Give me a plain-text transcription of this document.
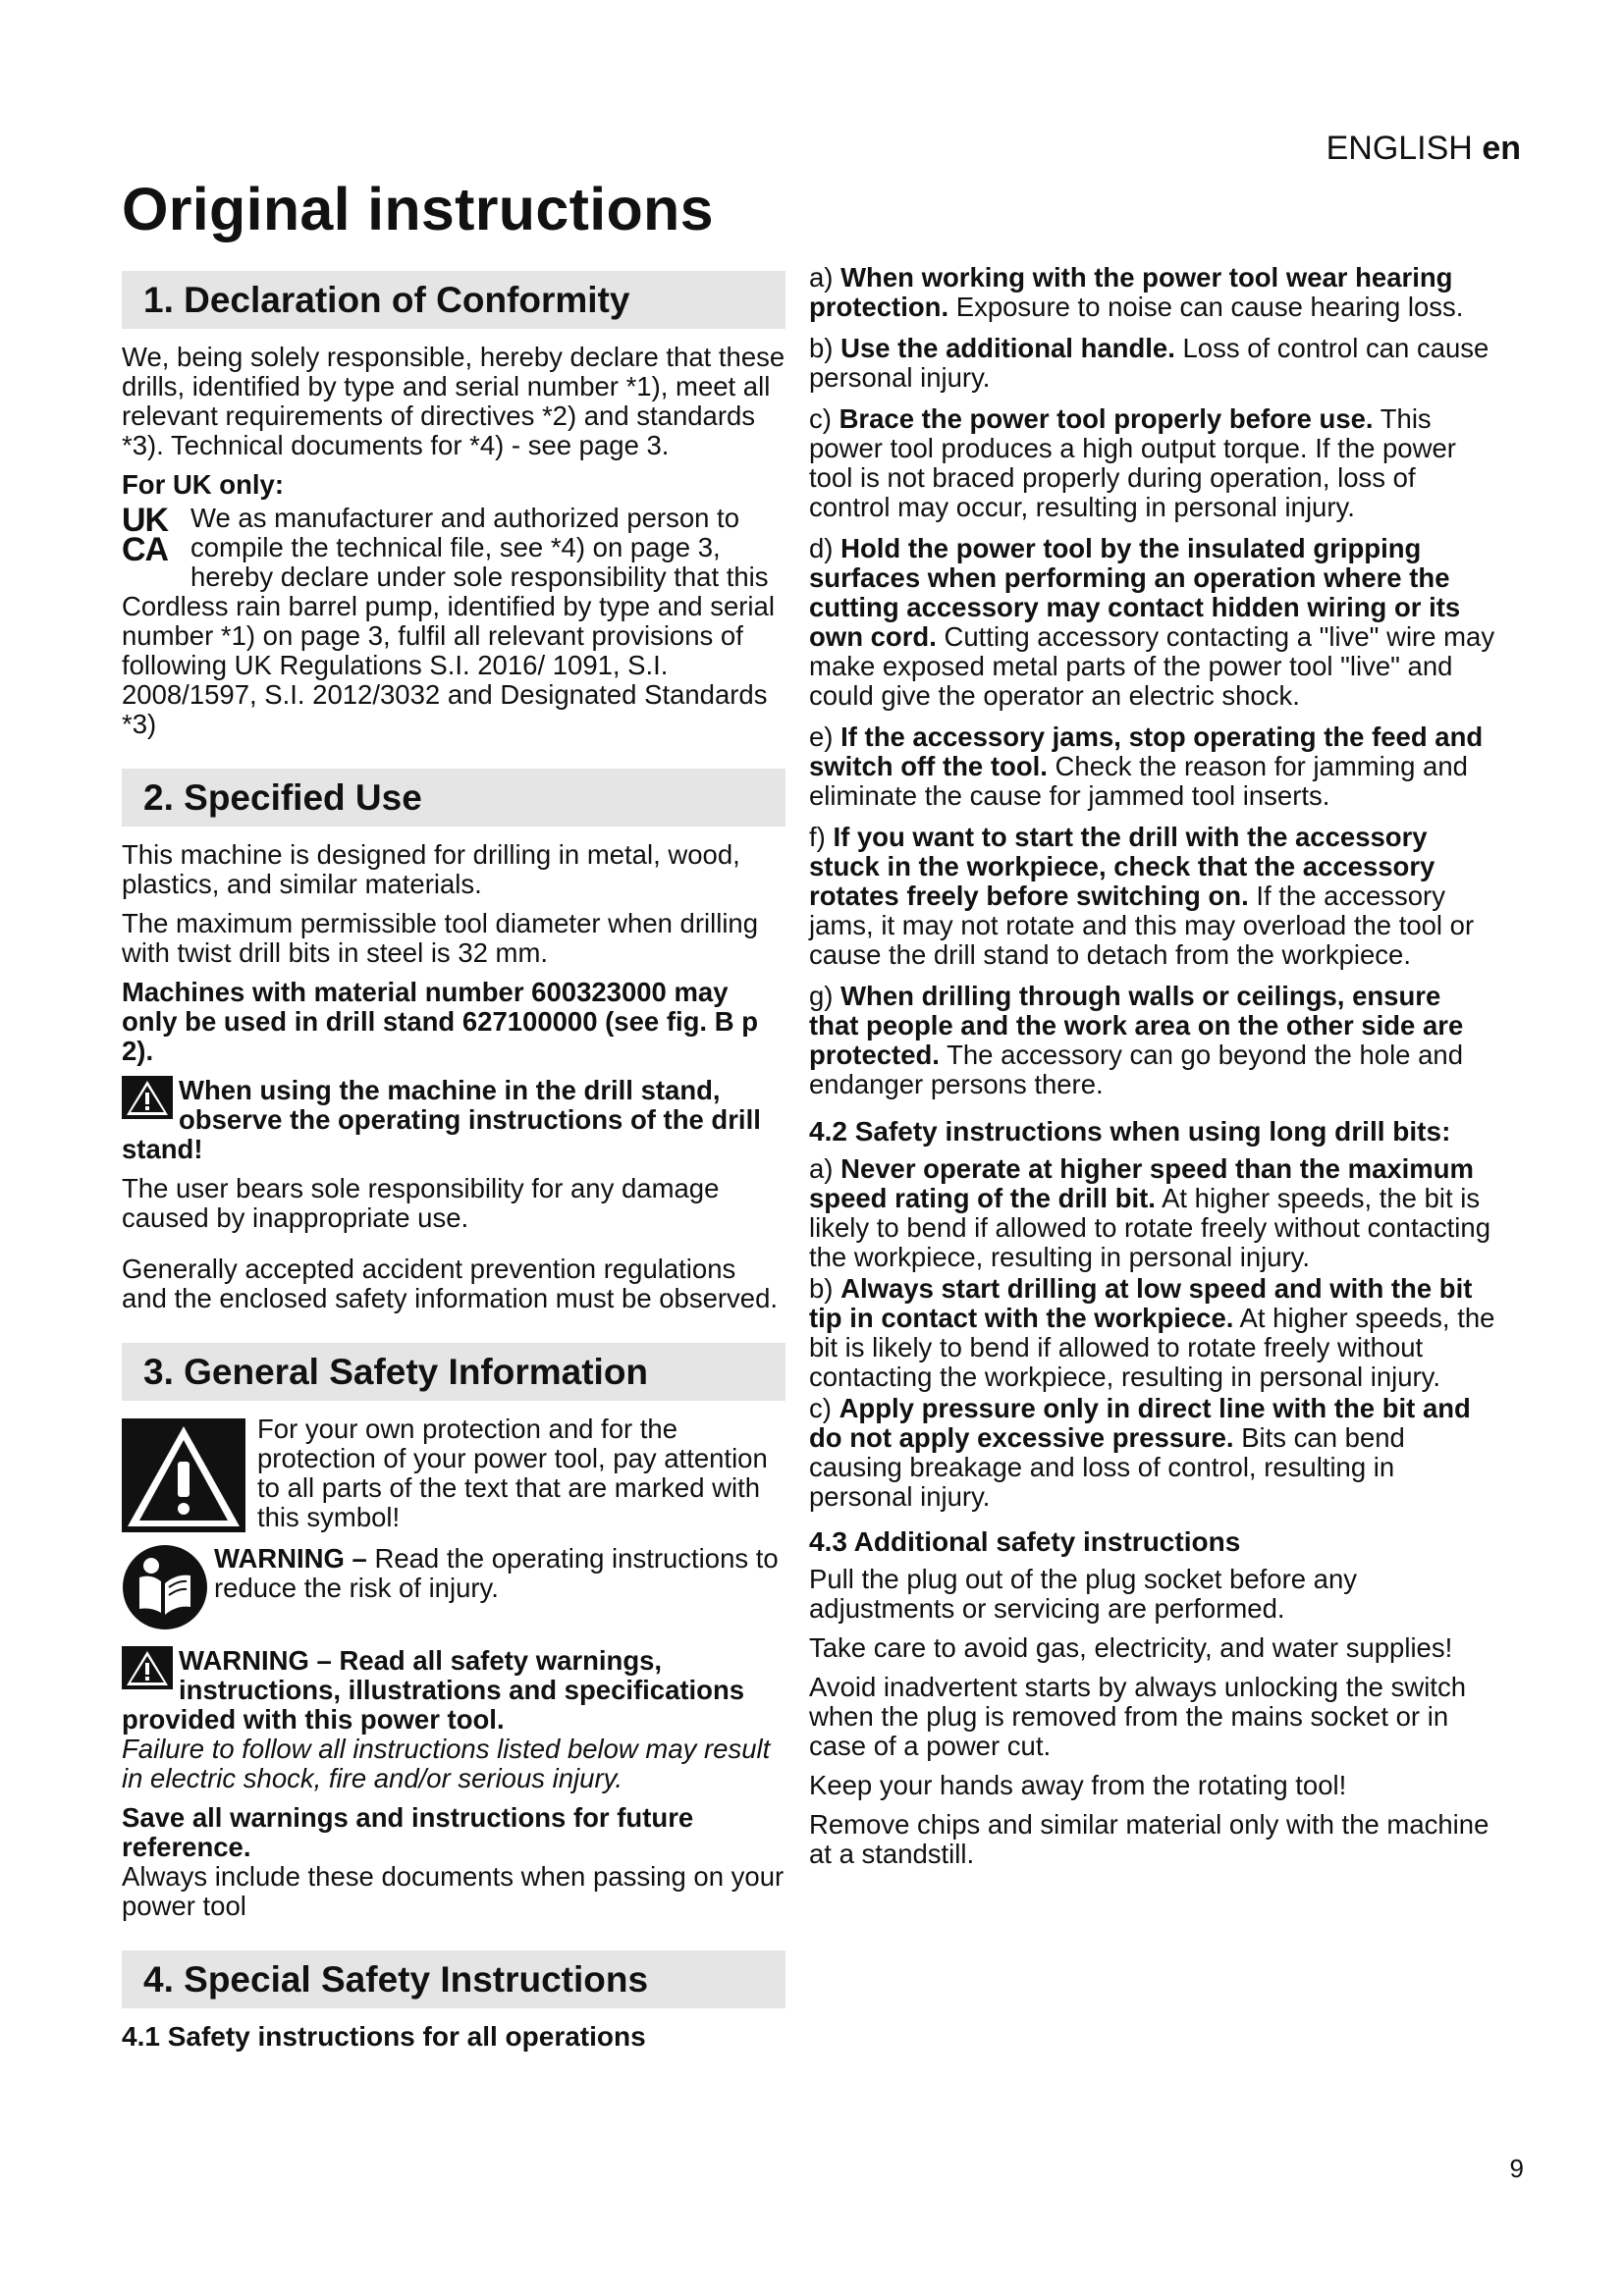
ENGLISH en
Original instructions
1. Declaration of Conformity

We, being solely responsible, hereby declare that these drills, identified by type and serial number *1), meet all relevant requirements of directives *2) and standards *3). Technical documents for *4) - see page 3.

For UK only:

UK
CA

We as manufacturer and authorized person to compile the technical file, see *4) on page 3, hereby declare under sole responsibility that this Cordless rain barrel pump, identified by type and serial number *1) on page 3, fulfil all relevant provisions of following UK Regulations S.I. 2016/ 1091, S.I. 2008/1597, S.I. 2012/3032 and Designated Standards *3)

2. Specified Use

This machine is designed for drilling in metal, wood, plastics, and similar materials.

The maximum permissible tool diameter when drilling with twist drill bits in steel is 32 mm.

Machines with material number 600323000 may only be used in drill stand 627100000 (see fig. B p 2).

When using the machine in the drill stand, observe the operating instructions of the drill stand!

The user bears sole responsibility for any damage caused by inappropriate use.

Generally accepted accident prevention regulations and the enclosed safety information must be observed.

3. General Safety Information

For your own protection and for the protection of your power tool, pay attention to all parts of the text that are marked with this symbol!

WARNING – Read the operating instructions to reduce the risk of injury.

WARNING – Read all safety warnings, instructions, illustrations and specifications provided with this power tool.

Failure to follow all instructions listed below may result in electric shock, fire and/or serious injury.

Save all warnings and instructions for future reference.

Always include these documents when passing on your power tool

4. Special Safety Instructions

4.1 Safety instructions for all operations

a) When working with the power tool wear hearing protection. Exposure to noise can cause hearing loss.

b) Use the additional handle. Loss of control can cause personal injury.

c) Brace the power tool properly before use. This power tool produces a high output torque. If the power tool is not braced properly during operation, loss of control may occur, resulting in personal injury.

d) Hold the power tool by the insulated gripping surfaces when performing an operation where the cutting accessory may contact hidden wiring or its own cord. Cutting accessory contacting a "live" wire may make exposed metal parts of the power tool "live" and could give the operator an electric shock.

e) If the accessory jams, stop operating the feed and switch off the tool. Check the reason for jamming and eliminate the cause for jammed tool inserts.

f) If you want to start the drill with the accessory stuck in the workpiece, check that the accessory rotates freely before switching on. If the accessory jams, it may not rotate and this may overload the tool or cause the drill stand to detach from the workpiece.

g) When drilling through walls or ceilings, ensure that people and the work area on the other side are protected. The accessory can go beyond the hole and endanger persons there.

4.2 Safety instructions when using long drill bits:

a) Never operate at higher speed than the maximum speed rating of the drill bit. At higher speeds, the bit is likely to bend if allowed to rotate freely without contacting the workpiece, resulting in personal injury.

b) Always start drilling at low speed and with the bit tip in contact with the workpiece. At higher speeds, the bit is likely to bend if allowed to rotate freely without contacting the workpiece, resulting in personal injury.

c) Apply pressure only in direct line with the bit and do not apply excessive pressure. Bits can bend causing breakage and loss of control, resulting in personal injury.

4.3 Additional safety instructions

Pull the plug out of the plug socket before any adjustments or servicing are performed.

Take care to avoid gas, electricity, and water supplies!

Avoid inadvertent starts by always unlocking the switch when the plug is removed from the mains socket or in case of a power cut.

Keep your hands away from the rotating tool!

Remove chips and similar material only with the machine at a standstill.

9
